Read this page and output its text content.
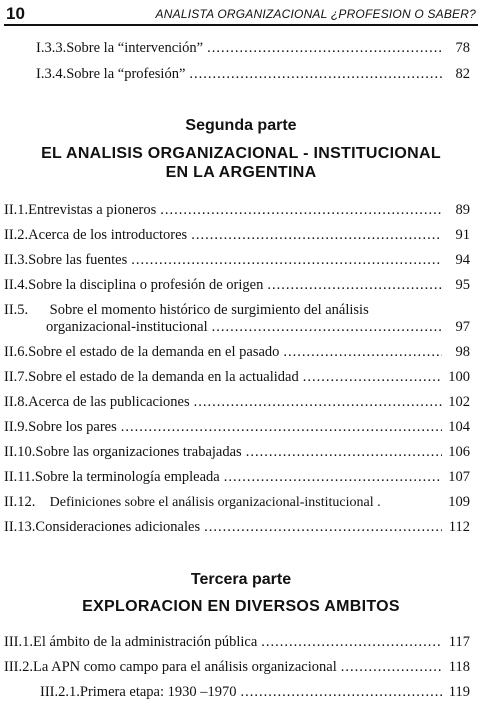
10	ANALISTA ORGANIZACIONAL ¿PROFESION O SABER?
I.3.3. Sobre la “intervención” .....	78
I.3.4. Sobre la “profesión” .....	82
Segunda parte
EL ANALISIS ORGANIZACIONAL - INSTITUCIONAL
EN LA ARGENTINA
II.1. Entrevistas a pioneros .....	89
II.2. Acerca de los introductores .....	91
II.3. Sobre las fuentes .....	94
II.4. Sobre la disciplina o profesión de origen .....	95
II.5. Sobre el momento histórico de surgimiento del análisis
organizacional-institucional .....	97
II.6. Sobre el estado de la demanda en el pasado .....	98
II.7. Sobre el estado de la demanda en la actualidad .....	100
II.8. Acerca de las publicaciones .....	102
II.9. Sobre los pares .....	104
II.10. Sobre las organizaciones trabajadas .....	106
II.11. Sobre la terminología empleada .....	107
II.12. Definiciones sobre el análisis organizacional-institucional .	109
II.13. Consideraciones adicionales .....	112
Tercera parte
EXPLORACION EN DIVERSOS AMBITOS
III.1. El ámbito de la administración pública .....	117
III.2. La APN como campo para el análisis organizacional .....	118
III.2.1. Primera etapa: 1930 –1970 .....	119
